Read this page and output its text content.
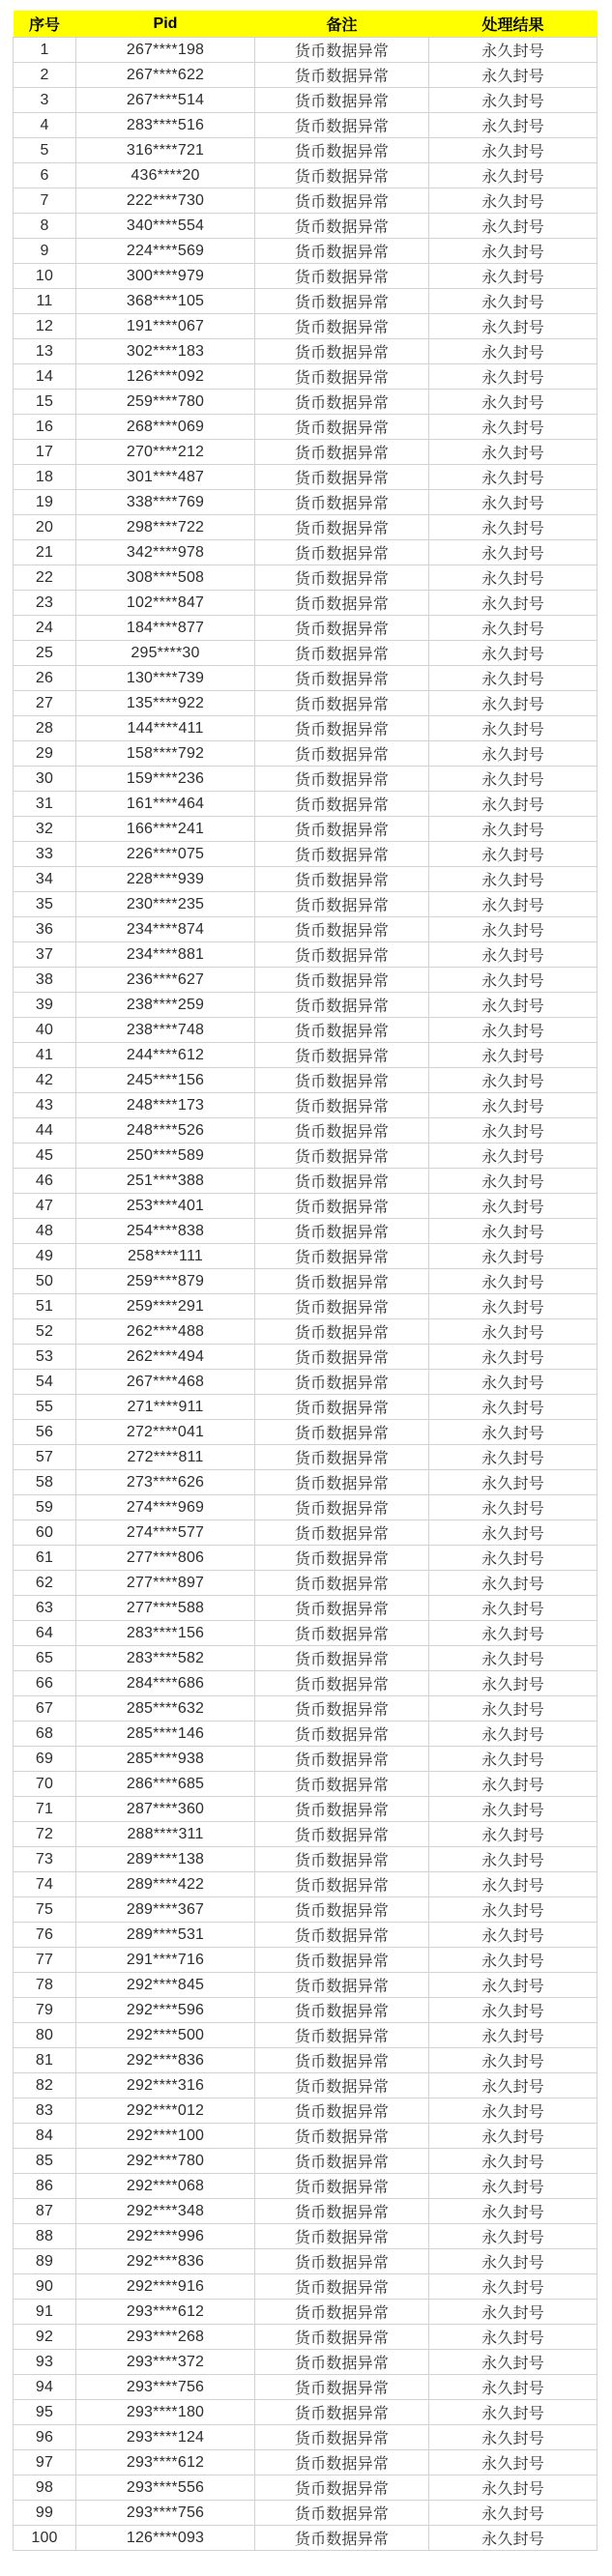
序号	Pid	备注	处理结果
1	267****198	货币数据异常	永久封号
2	267****622	货币数据异常	永久封号
3	267****514	货币数据异常	永久封号
4	283****516	货币数据异常	永久封号
5	316****721	货币数据异常	永久封号
6	436****20	货币数据异常	永久封号
7	222****730	货币数据异常	永久封号
8	340****554	货币数据异常	永久封号
9	224****569	货币数据异常	永久封号
10	300****979	货币数据异常	永久封号
11	368****105	货币数据异常	永久封号
12	191****067	货币数据异常	永久封号
13	302****183	货币数据异常	永久封号
14	126****092	货币数据异常	永久封号
15	259****780	货币数据异常	永久封号
16	268****069	货币数据异常	永久封号
17	270****212	货币数据异常	永久封号
18	301****487	货币数据异常	永久封号
19	338****769	货币数据异常	永久封号
20	298****722	货币数据异常	永久封号
21	342****978	货币数据异常	永久封号
22	308****508	货币数据异常	永久封号
23	102****847	货币数据异常	永久封号
24	184****877	货币数据异常	永久封号
25	295****30	货币数据异常	永久封号
26	130****739	货币数据异常	永久封号
27	135****922	货币数据异常	永久封号
28	144****411	货币数据异常	永久封号
29	158****792	货币数据异常	永久封号
30	159****236	货币数据异常	永久封号
31	161****464	货币数据异常	永久封号
32	166****241	货币数据异常	永久封号
33	226****075	货币数据异常	永久封号
34	228****939	货币数据异常	永久封号
35	230****235	货币数据异常	永久封号
36	234****874	货币数据异常	永久封号
37	234****881	货币数据异常	永久封号
38	236****627	货币数据异常	永久封号
39	238****259	货币数据异常	永久封号
40	238****748	货币数据异常	永久封号
41	244****612	货币数据异常	永久封号
42	245****156	货币数据异常	永久封号
43	248****173	货币数据异常	永久封号
44	248****526	货币数据异常	永久封号
45	250****589	货币数据异常	永久封号
46	251****388	货币数据异常	永久封号
47	253****401	货币数据异常	永久封号
48	254****838	货币数据异常	永久封号
49	258****111	货币数据异常	永久封号
50	259****879	货币数据异常	永久封号
51	259****291	货币数据异常	永久封号
52	262****488	货币数据异常	永久封号
53	262****494	货币数据异常	永久封号
54	267****468	货币数据异常	永久封号
55	271****911	货币数据异常	永久封号
56	272****041	货币数据异常	永久封号
57	272****811	货币数据异常	永久封号
58	273****626	货币数据异常	永久封号
59	274****969	货币数据异常	永久封号
60	274****577	货币数据异常	永久封号
61	277****806	货币数据异常	永久封号
62	277****897	货币数据异常	永久封号
63	277****588	货币数据异常	永久封号
64	283****156	货币数据异常	永久封号
65	283****582	货币数据异常	永久封号
66	284****686	货币数据异常	永久封号
67	285****632	货币数据异常	永久封号
68	285****146	货币数据异常	永久封号
69	285****938	货币数据异常	永久封号
70	286****685	货币数据异常	永久封号
71	287****360	货币数据异常	永久封号
72	288****311	货币数据异常	永久封号
73	289****138	货币数据异常	永久封号
74	289****422	货币数据异常	永久封号
75	289****367	货币数据异常	永久封号
76	289****531	货币数据异常	永久封号
77	291****716	货币数据异常	永久封号
78	292****845	货币数据异常	永久封号
79	292****596	货币数据异常	永久封号
80	292****500	货币数据异常	永久封号
81	292****836	货币数据异常	永久封号
82	292****316	货币数据异常	永久封号
83	292****012	货币数据异常	永久封号
84	292****100	货币数据异常	永久封号
85	292****780	货币数据异常	永久封号
86	292****068	货币数据异常	永久封号
87	292****348	货币数据异常	永久封号
88	292****996	货币数据异常	永久封号
89	292****836	货币数据异常	永久封号
90	292****916	货币数据异常	永久封号
91	293****612	货币数据异常	永久封号
92	293****268	货币数据异常	永久封号
93	293****372	货币数据异常	永久封号
94	293****756	货币数据异常	永久封号
95	293****180	货币数据异常	永久封号
96	293****124	货币数据异常	永久封号
97	293****612	货币数据异常	永久封号
98	293****556	货币数据异常	永久封号
99	293****756	货币数据异常	永久封号
100	126****093	货币数据异常	永久封号
